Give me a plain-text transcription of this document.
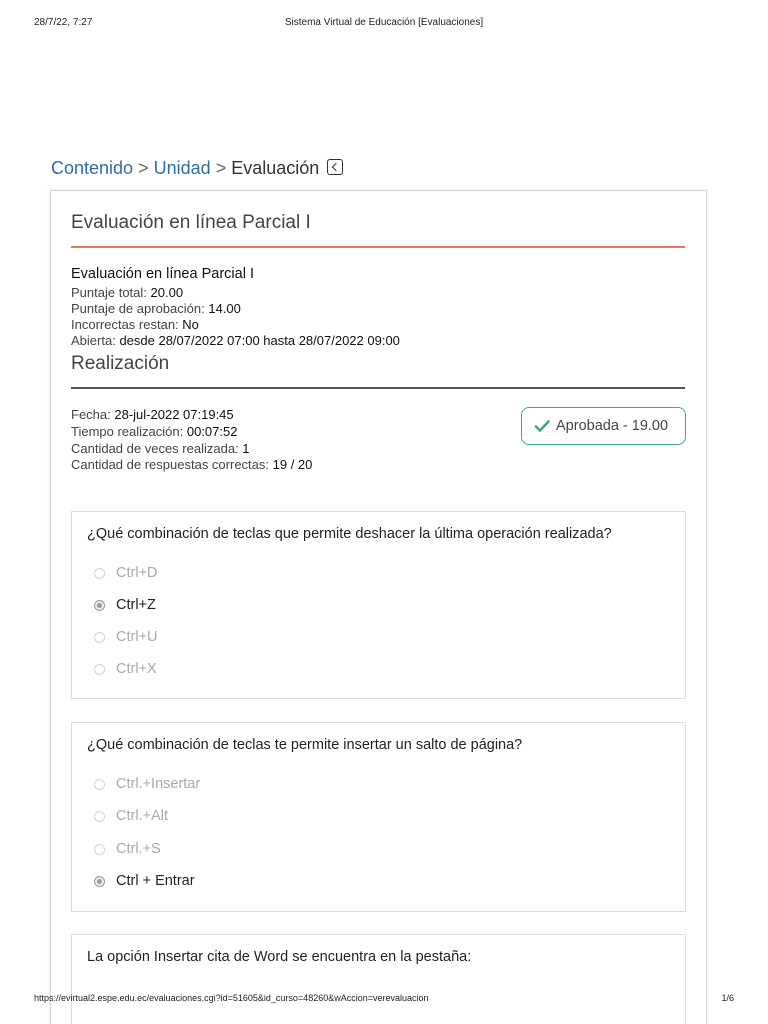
28/7/22, 7:27	Sistema Virtual de Educación [Evaluaciones]
Contenido > Unidad > Evaluación
Evaluación en línea Parcial I
Evaluación en línea Parcial I
Puntaje total: 20.00
Puntaje de aprobación: 14.00
Incorrectas restan: No
Abierta: desde 28/07/2022 07:00 hasta 28/07/2022 09:00
Realización
Fecha: 28-jul-2022 07:19:45
Tiempo realización: 00:07:52
Cantidad de veces realizada: 1
Cantidad de respuestas correctas: 19 / 20
Aprobada - 19.00
¿Qué combinación de teclas que permite deshacer la última operación realizada?
Ctrl+D
Ctrl+Z
Ctrl+U
Ctrl+X
¿Qué combinación de teclas te permite insertar un salto de página?
Ctrl.+Insertar
Ctrl.+Alt
Ctrl.+S
Ctrl + Entrar
La opción Insertar cita de Word se encuentra en la pestaña:
https://evirtual2.espe.edu.ec/evaluaciones.cgi?id=51605&id_curso=48260&wAccion=verevaluacion	1/6
